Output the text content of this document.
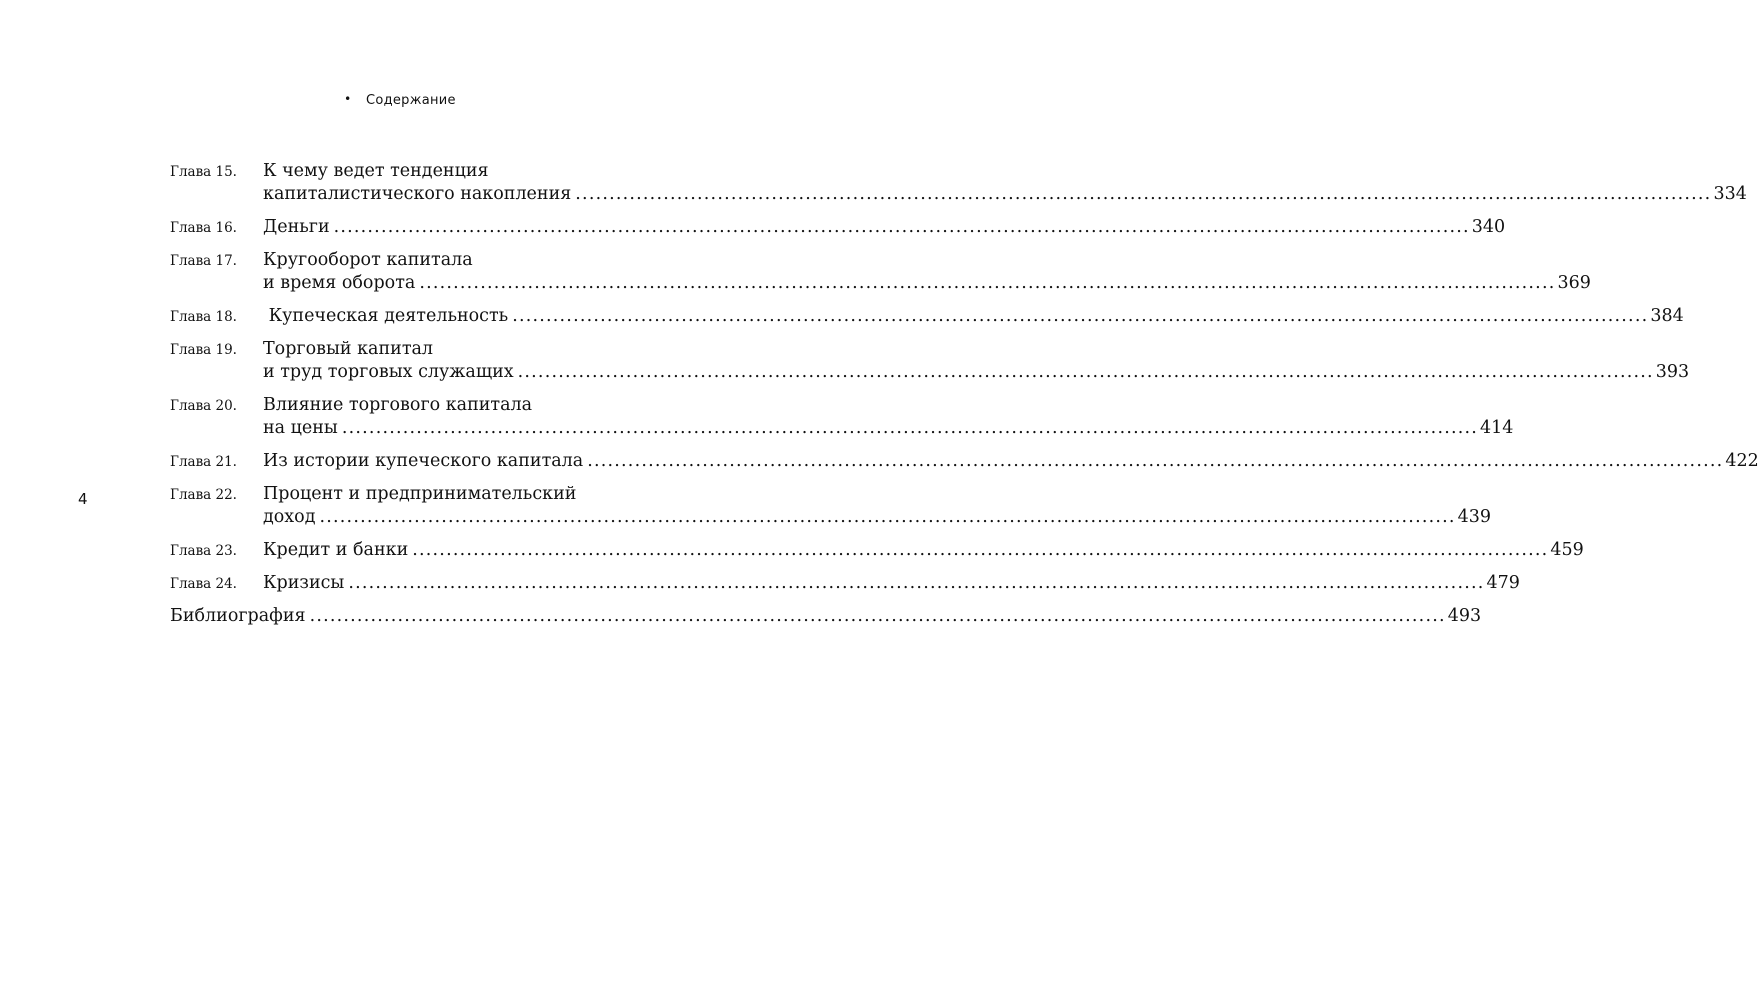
• Содержание
4
Глава 15.	К чему ведет тенденция
капиталистического накопления .....	334
Глава 16.	Деньги .....	340
Глава 17.	Кругооборот капитала
и время оборота .....	369
Глава 18.	Купеческая деятельность .....	384
Глава 19.	Торговый капитал
и труд торговых служащих .....	393
Глава 20.	Влияние торгового капитала
на цены .....	414
Глава 21.	Из истории купеческого капитала .....	422
Глава 22.	Процент и предпринимательский
доход .....	439
Глава 23.	Кредит и банки .....	459
Глава 24.	Кризисы .....	479
Библиография .....	493
